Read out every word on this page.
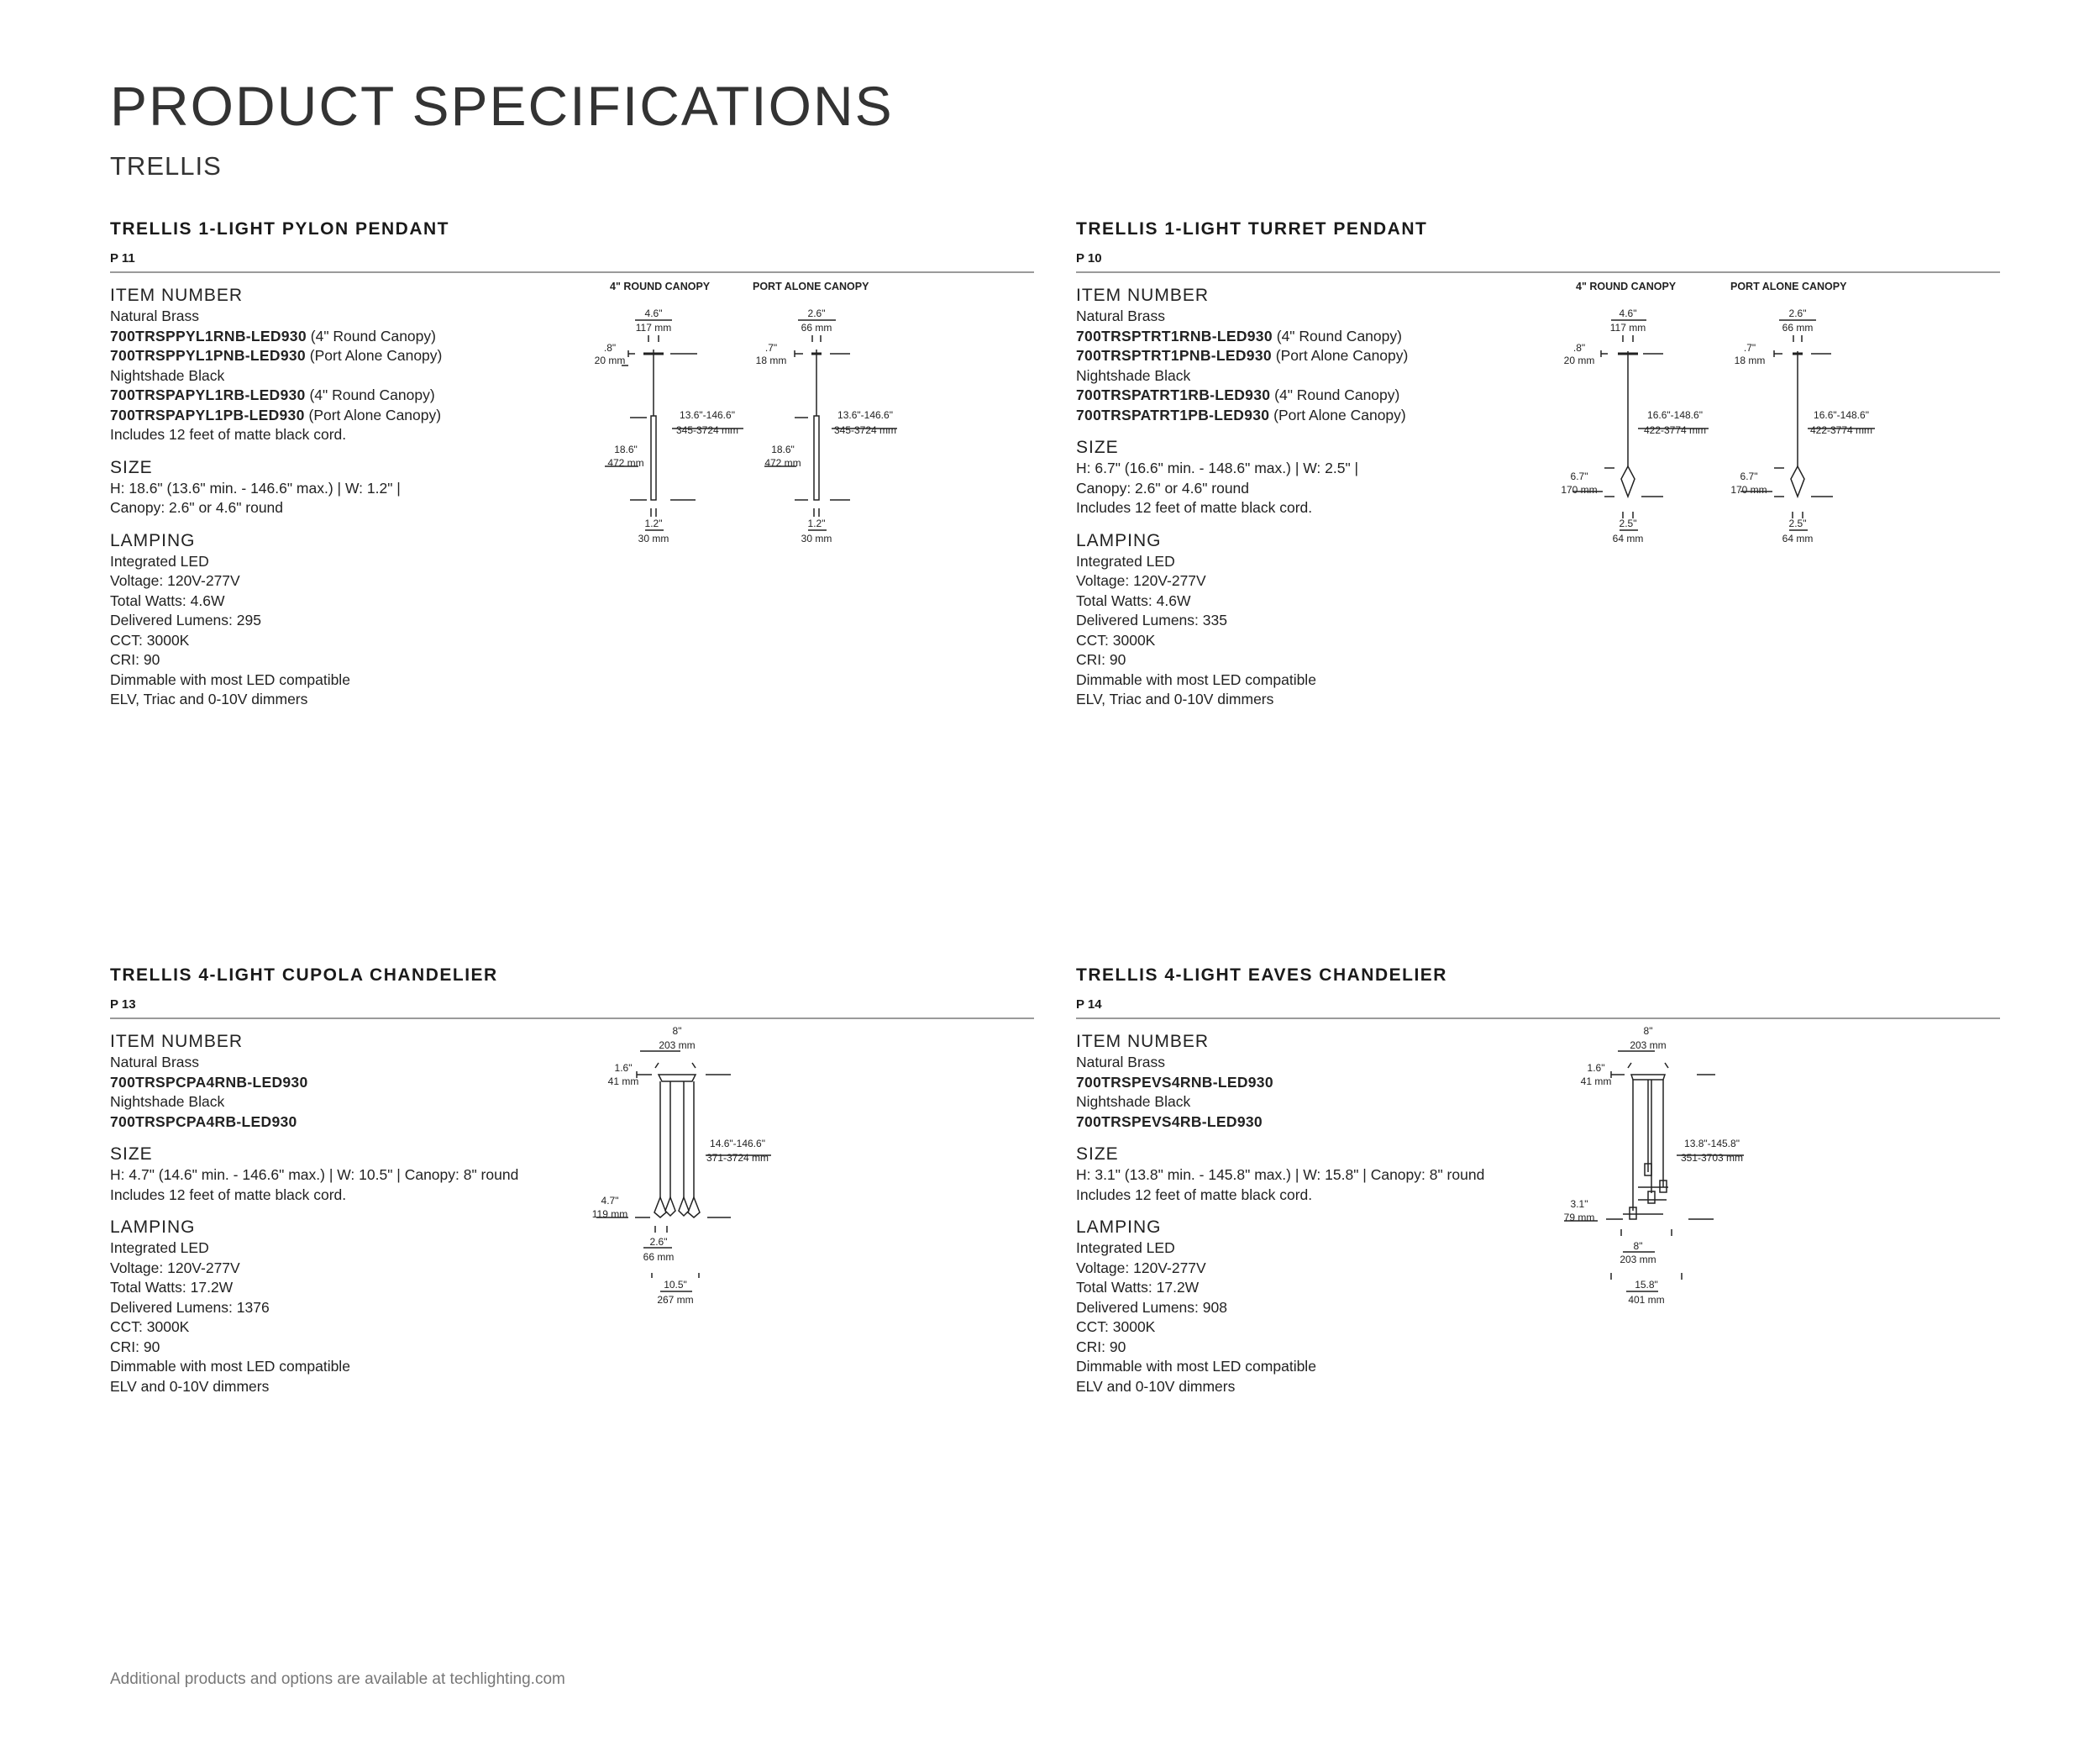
PRODUCT SPECIFICATIONS
TRELLIS
TRELLIS 1-LIGHT PYLON PENDANT
P 11
ITEM NUMBER
Natural Brass
700TRSPPYL1RNB-LED930 (4" Round Canopy)
700TRSPPYL1PNB-LED930 (Port Alone Canopy)
Nightshade Black
700TRSPAPYL1RB-LED930 (4" Round Canopy)
700TRSPAPYL1PB-LED930 (Port Alone Canopy)
Includes 12 feet of matte black cord.
SIZE
H: 18.6" (13.6" min. - 146.6" max.) | W: 1.2" |
Canopy: 2.6" or 4.6" round
LAMPING
Integrated LED
Voltage: 120V-277V
Total Watts: 4.6W
Delivered Lumens: 295
CCT: 3000K
CRI: 90
Dimmable with most LED compatible
ELV, Triac and 0-10V dimmers
4" ROUND CANOPY	PORT ALONE CANOPY
4.6"
117 mm
.8"
20 mm
13.6"-146.6"
345-3724 mm
18.6"
472 mm
1.2"
30 mm
2.6"
66 mm
.7"
18 mm
13.6"-146.6"
345-3724 mm
18.6"
472 mm
1.2"
30 mm
TRELLIS 1-LIGHT TURRET PENDANT
P 10
ITEM NUMBER
Natural Brass
700TRSPTRT1RNB-LED930 (4" Round Canopy)
700TRSPTRT1PNB-LED930 (Port Alone Canopy)
Nightshade Black
700TRSPATRT1RB-LED930 (4" Round Canopy)
700TRSPATRT1PB-LED930 (Port Alone Canopy)
SIZE
H: 6.7" (16.6" min. - 148.6" max.) | W: 2.5" |
Canopy: 2.6" or 4.6" round
Includes 12 feet of matte black cord.
LAMPING
Integrated LED
Voltage: 120V-277V
Total Watts: 4.6W
Delivered Lumens: 335
CCT: 3000K
CRI: 90
Dimmable with most LED compatible
ELV, Triac and 0-10V dimmers
4" ROUND CANOPY	PORT ALONE CANOPY
4.6"
117 mm
.8"
20 mm
16.6"-148.6"
422-3774 mm
6.7"
170 mm
2.5"
64 mm
2.6"
66 mm
.7"
18 mm
16.6"-148.6"
422-3774 mm
6.7"
170 mm
2.5"
64 mm
TRELLIS 4-LIGHT CUPOLA CHANDELIER
P 13
ITEM NUMBER
Natural Brass
700TRSPCPA4RNB-LED930
Nightshade Black
700TRSPCPA4RB-LED930
SIZE
H: 4.7" (14.6" min. - 146.6" max.) | W: 10.5" | Canopy: 8" round
Includes 12 feet of matte black cord.
LAMPING
Integrated LED
Voltage: 120V-277V
Total Watts: 17.2W
Delivered Lumens: 1376
CCT: 3000K
CRI: 90
Dimmable with most LED compatible
ELV and 0-10V dimmers
8"
203 mm
1.6"
41 mm
14.6"-146.6"
371-3724 mm
4.7"
119 mm
2.6"
66 mm
10.5"
267 mm
TRELLIS 4-LIGHT EAVES CHANDELIER
P 14
ITEM NUMBER
Natural Brass
700TRSPEVS4RNB-LED930
Nightshade Black
700TRSPEVS4RB-LED930
SIZE
H: 3.1" (13.8" min. - 145.8" max.) | W: 15.8" | Canopy: 8" round
Includes 12 feet of matte black cord.
LAMPING
Integrated LED
Voltage: 120V-277V
Total Watts: 17.2W
Delivered Lumens: 908
CCT: 3000K
CRI: 90
Dimmable with most LED compatible
ELV and 0-10V dimmers
8"
203 mm
1.6"
41 mm
13.8"-145.8"
351-3703 mm
3.1"
79 mm
8"
203 mm
15.8"
401 mm
Additional products and options are available at techlighting.com
